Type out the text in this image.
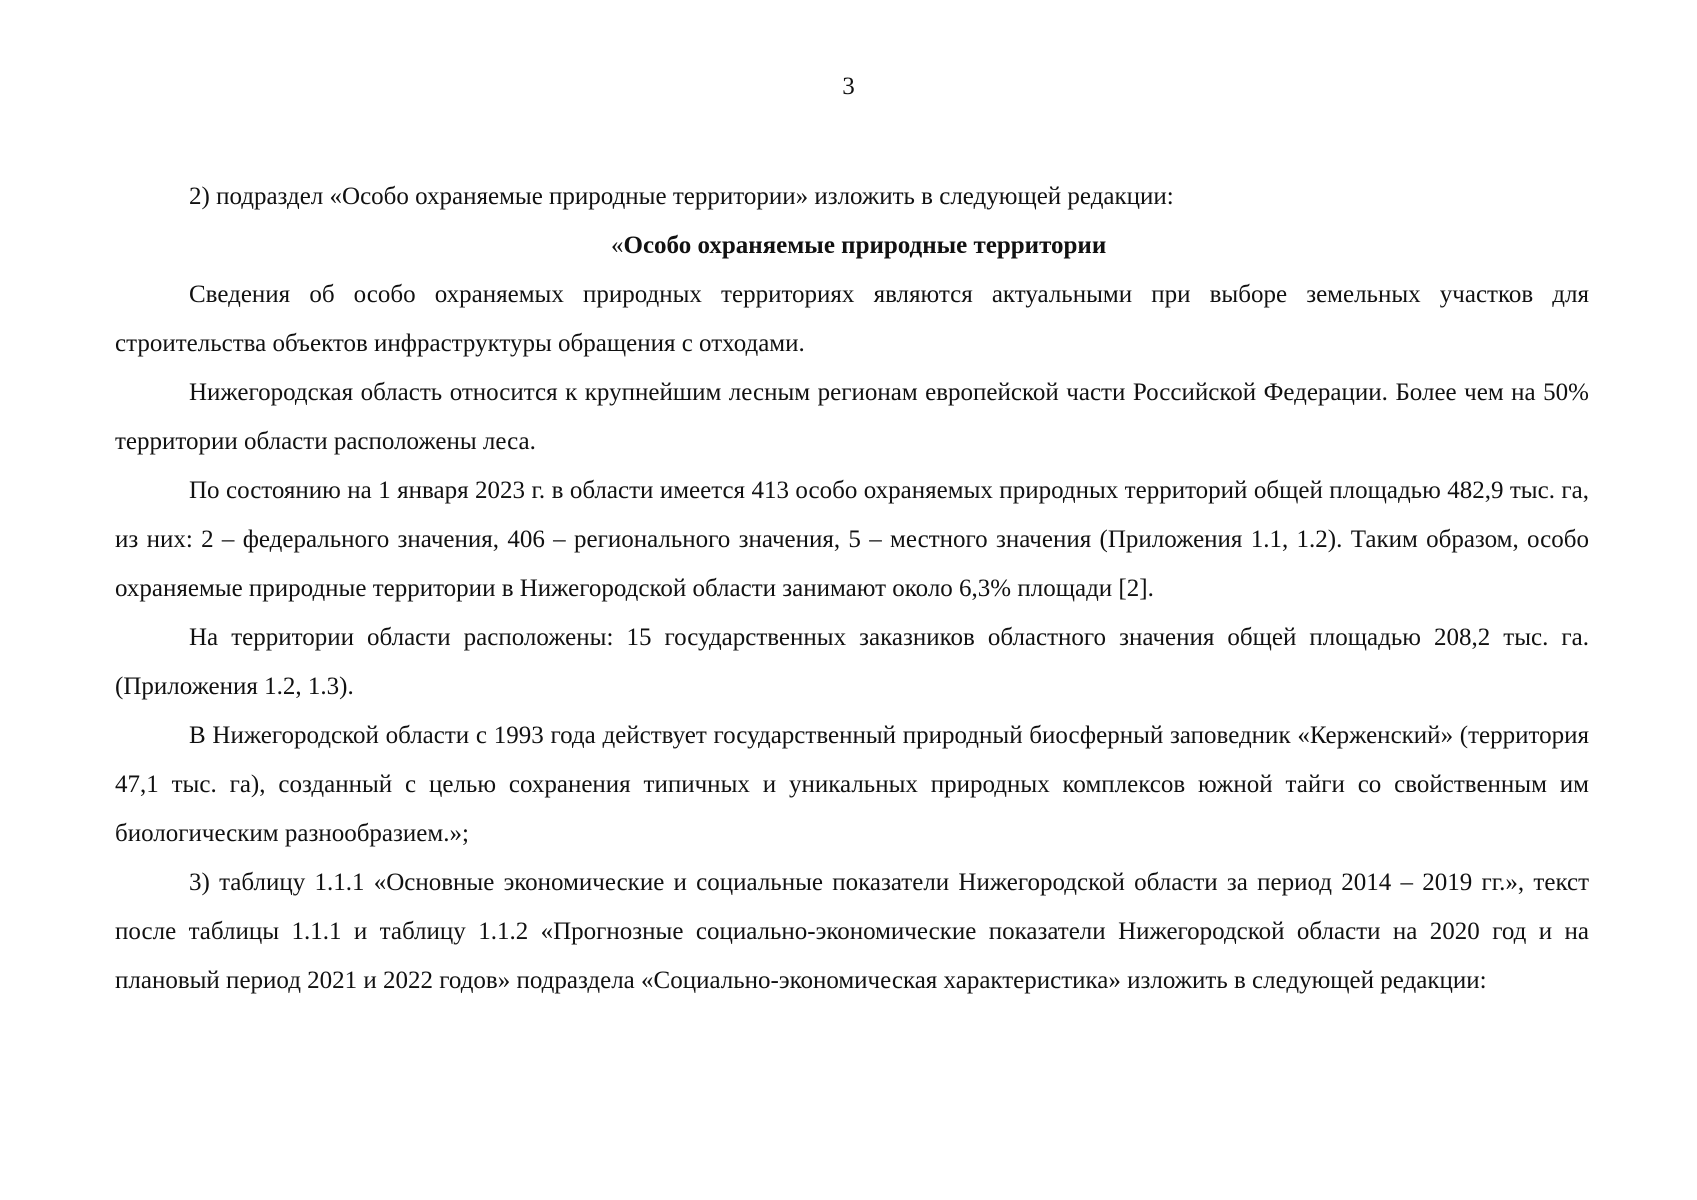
3

2) подраздел «Особо охраняемые природные территории» изложить в следующей редакции:

«Особо охраняемые природные территории

Сведения об особо охраняемых природных территориях являются актуальными при выборе земельных участков для строительства объектов инфраструктуры обращения с отходами.

Нижегородская область относится к крупнейшим лесным регионам европейской части Российской Федерации. Более чем на 50% территории области расположены леса.

По состоянию на 1 января 2023 г. в области имеется 413 особо охраняемых природных территорий общей площадью 482,9 тыс. га, из них: 2 – федерального значения, 406 – регионального значения, 5 – местного значения (Приложения 1.1, 1.2). Таким образом, особо охраняемые природные территории в Нижегородской области занимают около 6,3% площади [2].

На территории области расположены: 15 государственных заказников областного значения общей площадью 208,2 тыс. га. (Приложения 1.2, 1.3).

В Нижегородской области с 1993 года действует государственный природный биосферный заповедник «Керженский» (территория 47,1 тыс. га), созданный с целью сохранения типичных и уникальных природных комплексов южной тайги со свойственным им биологическим разнообразием.»;

3) таблицу 1.1.1 «Основные экономические и социальные показатели Нижегородской области за период 2014 – 2019 гг.», текст после таблицы 1.1.1 и таблицу 1.1.2 «Прогнозные социально-экономические показатели Нижегородской области на 2020 год и на плановый период 2021 и 2022 годов» подраздела «Социально-экономическая характеристика» изложить в следующей редакции:
